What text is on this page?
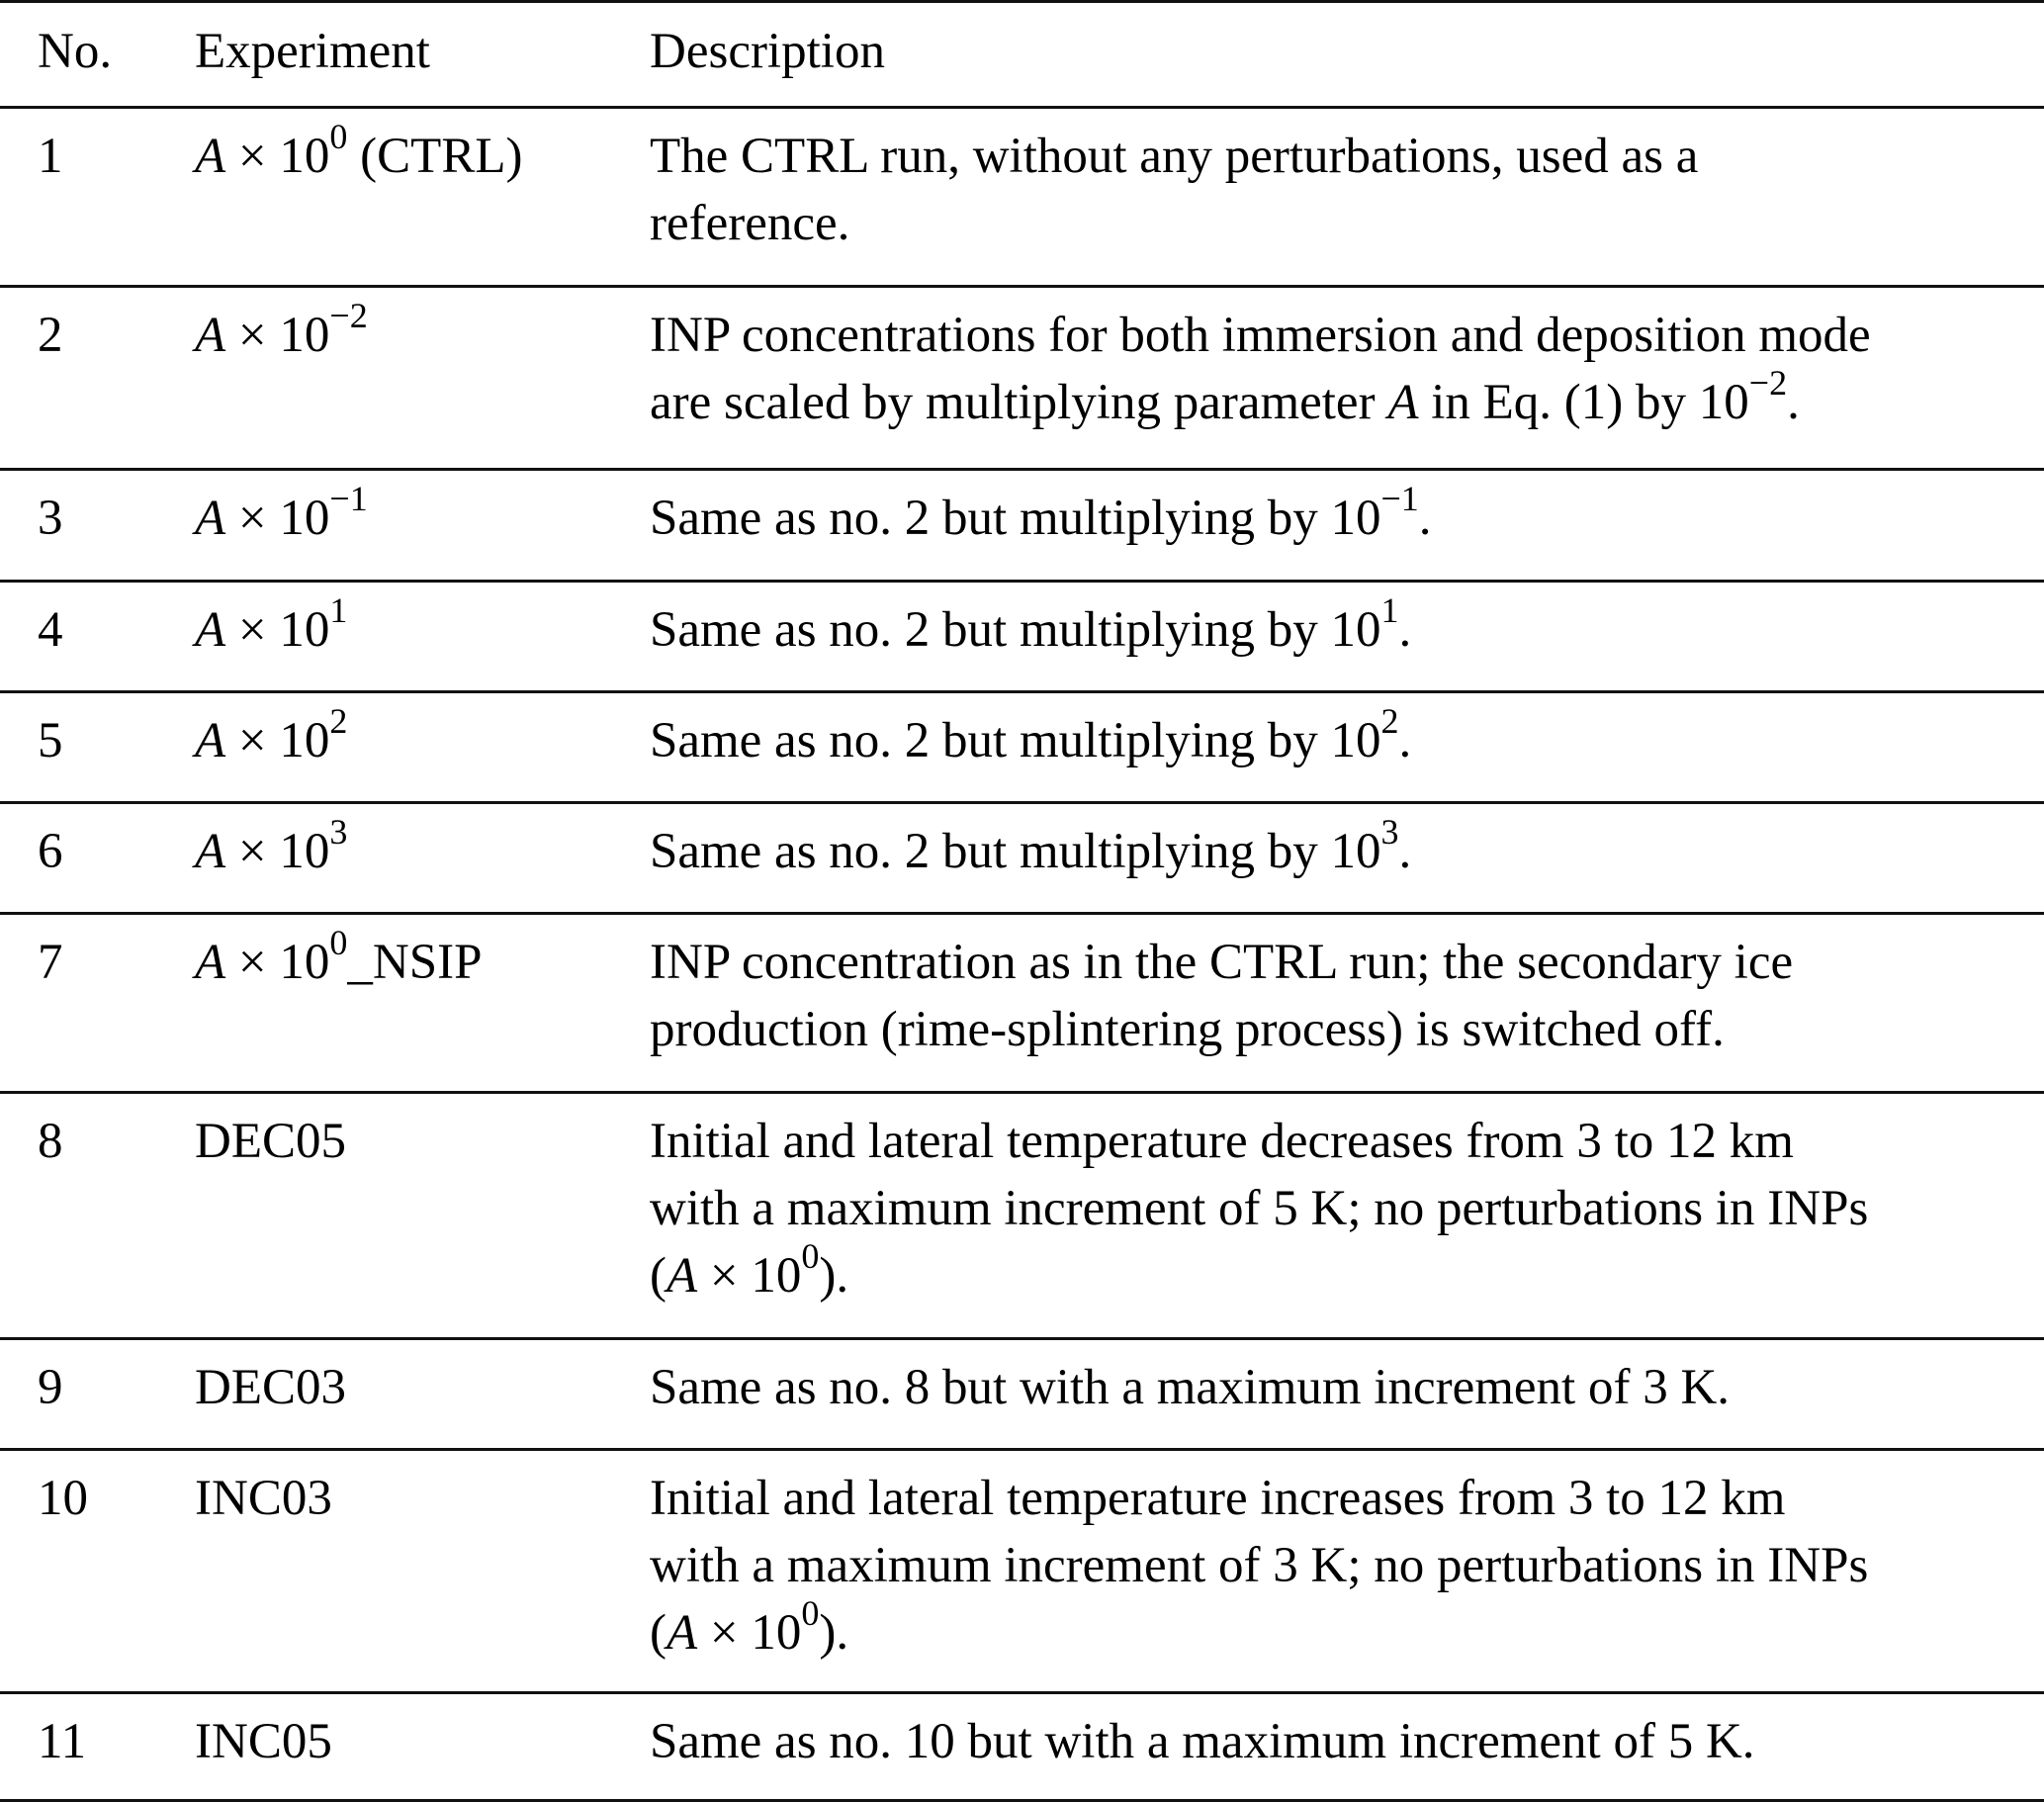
No. Experiment	Description
1	$A \times 10^0$ (CTRL)	The CTRL run, without any perturbations, used as a
reference.
2	$A \times 10^{-2}$	INP concentrations for both immersion and deposition mode
are scaled by multiplying parameter A in Eq. (1) by $10^{-2}$.
3	$A \times 10^{-1}$	Same as no. 2 but multiplying by $10^{-1}$.
4	$A \times 10^1$	Same as no. 2 but multiplying by $10^1$.
5	$A \times 10^2$	Same as no. 2 but multiplying by $10^2$.
6	$A \times 10^3$	Same as no. 2 but multiplying by $10^3$.
7	$A \times 10^0\_NSIP$	INP concentration as in the CTRL run; the secondary ice
production (rime-splintering process) is switched off.
8	DEC05	Initial and lateral temperature decreases from 3 to 12 km
with a maximum increment of 5 K; no perturbations in INPs
$(A \times 10^0)$.
9	DEC03	Same as no. 8 but with a maximum increment of 3 K.
10 INC03	Initial and lateral temperature increases from 3 to 12 km
with a maximum increment of 3 K; no perturbations in INPs
$(A \times 10^0)$.
11 INC05	Same as no. 10 but with a maximum increment of 5 K.
